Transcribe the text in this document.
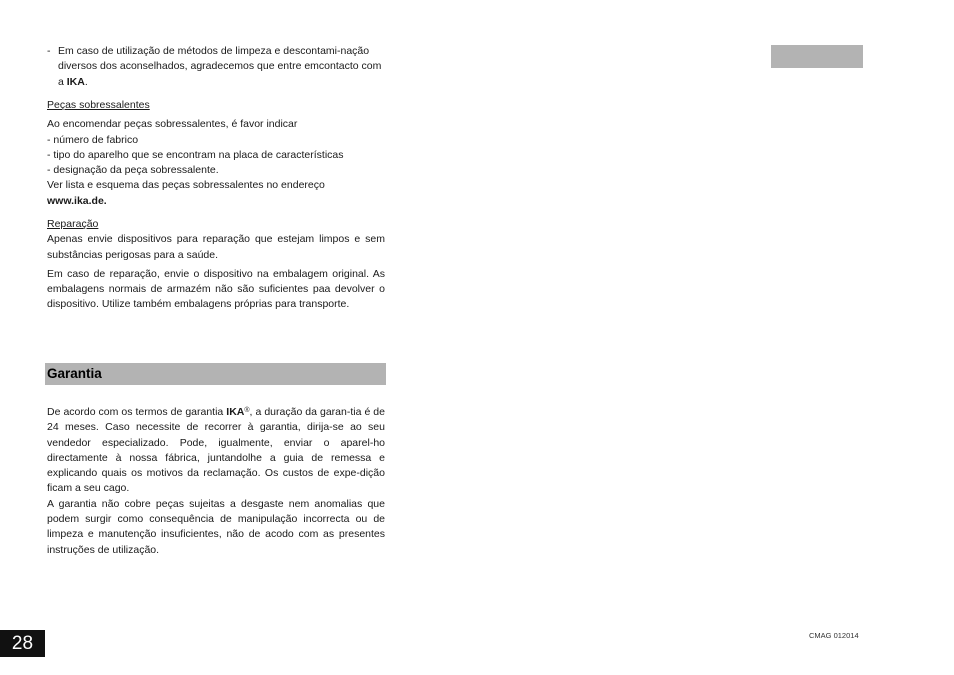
- Em caso de utilização de métodos de limpeza e descontami-nação diversos dos aconselhados, agradecemos que entre emcontacto com a IKA.
Peças sobressalentes
Ao encomendar peças sobressalentes, é favor indicar
- número de fabrico
- tipo do aparelho que se encontram na placa de características
- designação da peça sobressalente.
Ver lista e esquema das peças sobressalentes no endereço
www.ika.de.
Reparação
Apenas envie dispositivos para reparação que estejam limpos e sem substâncias perigosas para a saúde.
Em caso de reparação, envie o dispositivo na embalagem original. As embalagens normais de armazém não são suficientes paa devolver o dispositivo. Utilize também embalagens próprias para transporte.
Garantia
De acordo com os termos de garantia IKA®, a duração da garan-tia é de 24 meses. Caso necessite de recorrer à garantia, dirija-se ao seu vendedor especializado. Pode, igualmente, enviar o aparel-ho directamente à nossa fábrica, juntandolhe a guia de remessa e explicando quais os motivos da reclamação. Os custos de expe-dição ficam a seu cago.
A garantia não cobre peças sujeitas a desgaste nem anomalias que podem surgir como consequência de manipulação incorrecta ou de limpeza e manutenção insuficientes, não de acodo com as presentes instruções de utilização.
28	CMAG 012014
